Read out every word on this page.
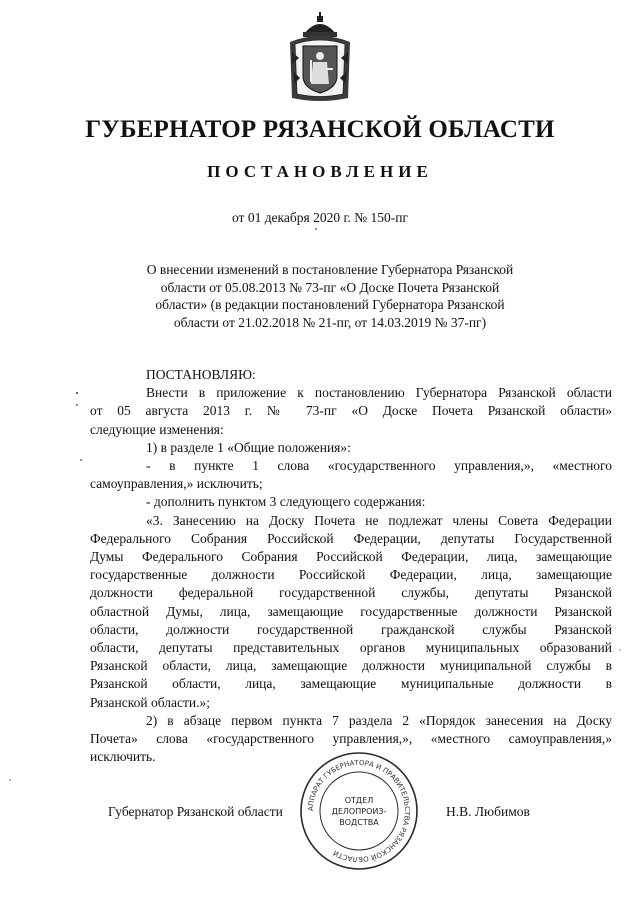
ГУБЕРНАТОР РЯЗАНСКОЙ ОБЛАСТИ
ПОСТАНОВЛЕНИЕ
от 01 декабря 2020 г. № 150-пг
О внесении изменений в постановление Губернатора Рязанской
области от 05.08.2013 № 73-пг «О Доске Почета Рязанской
области» (в редакции постановлений Губернатора Рязанской
области от 21.02.2018 № 21-пг, от 14.03.2019 № 37-пг)

ПОСТАНОВЛЯЮ:

Внести в приложение к постановлению Губернатора Рязанской области
от 05 августа 2013 г. № 73-пг «О Доске Почета Рязанской области»
следующие изменения:

1) в разделе 1 «Общие положения»:

- в пункте 1 слова «государственного управления,», «местного
самоуправления,» исключить;

- дополнить пунктом 3 следующего содержания:

«3. Занесению на Доску Почета не подлежат члены Совета Федерации
Федерального Собрания Российской Федерации, депутаты Государственной
Думы Федерального Собрания Российской Федерации, лица, замещающие
государственные должности Российской Федерации, лица, замещающие
должности федеральной государственной службы, депутаты Рязанской
областной Думы, лица, замещающие государственные должности Рязанской
области, должности государственной гражданской службы Рязанской
области, депутаты представительных органов муниципальных образований
Рязанской области, лица, замещающие должности муниципальной службы в
Рязанской области, лица, замещающие муниципальные должности в
Рязанской области.»;

2) в абзаце первом пункта 7 раздела 2 «Порядок занесения на Доску
Почета» слова «государственного управления,», «местного самоуправления,»
исключить.

Губернатор Рязанской области	Н.В. Любимов
АППАРАТ ГУБЕРНАТОРА И ПРАВИТЕЛЬСТВА РЯЗАНСКОЙ ОБЛАСТИ
ОТДЕЛ
ДЕЛОПРОИЗ-
ВОДСТВА
